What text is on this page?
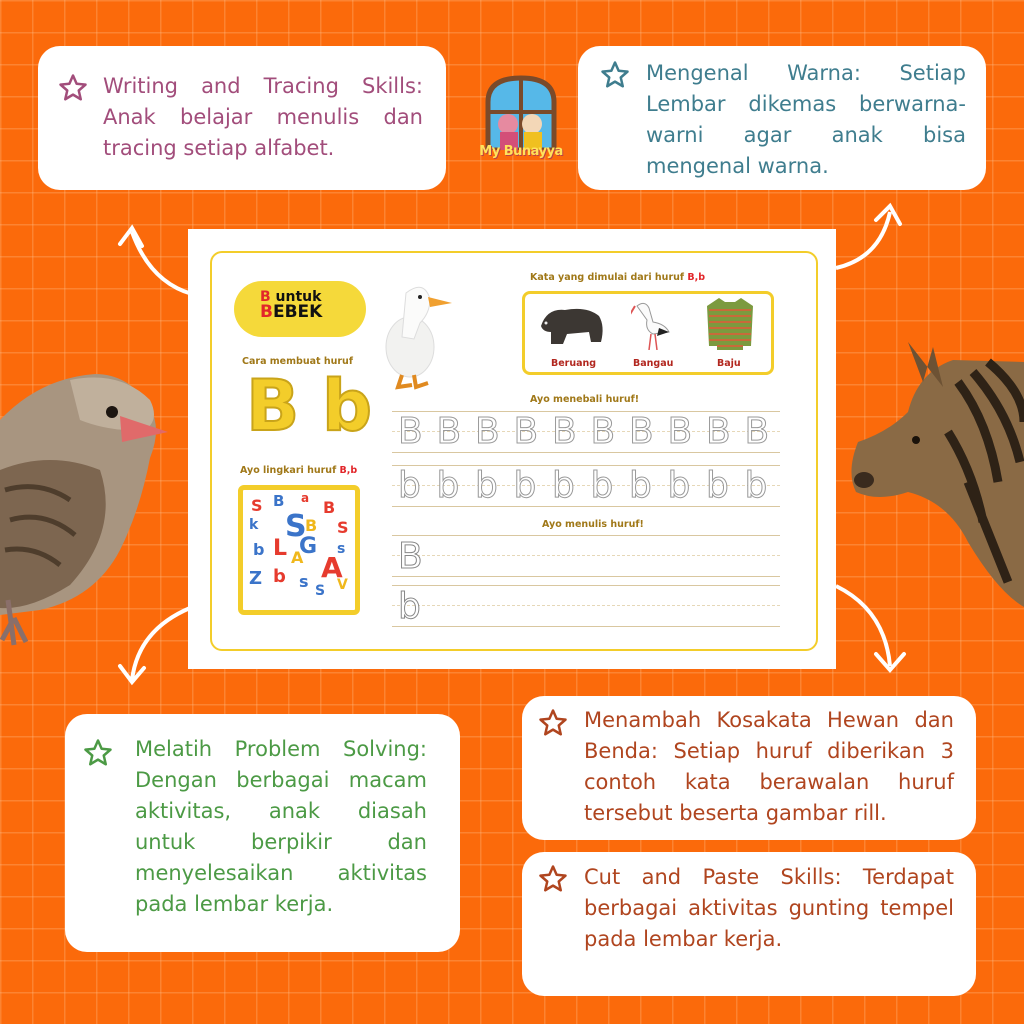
My Bunayya
Writing and Tracing Skills: Anak belajar menulis dan tracing setiap alfabet.
Mengenal Warna: Setiap Lembar dikemas berwarna-warni agar anak bisa mengenal warna.
Melatih Problem Solving: Dengan berbagai macam aktivitas, anak diasah untuk berpikir dan menyelesaikan aktivitas pada lembar kerja.
Menambah Kosakata Hewan dan Benda: Setiap huruf diberikan 3 contoh kata berawalan huruf tersebut beserta gambar rill.
Cut and Paste Skills: Terdapat berbagai aktivitas gunting tempel pada lembar kerja.
B untuk
BEBEK
Cara membuat huruf
B b
Ayo lingkari huruf B,b
S B a B
k S
B S
b L G
A
s
Z b s S V
A
Kata yang dimulai dari huruf B,b
Beruang	Bangau	Baju
Ayo menebali huruf!
B B B B B B B B B B
b b b b b b b b b b
Ayo menulis huruf!
B
b
